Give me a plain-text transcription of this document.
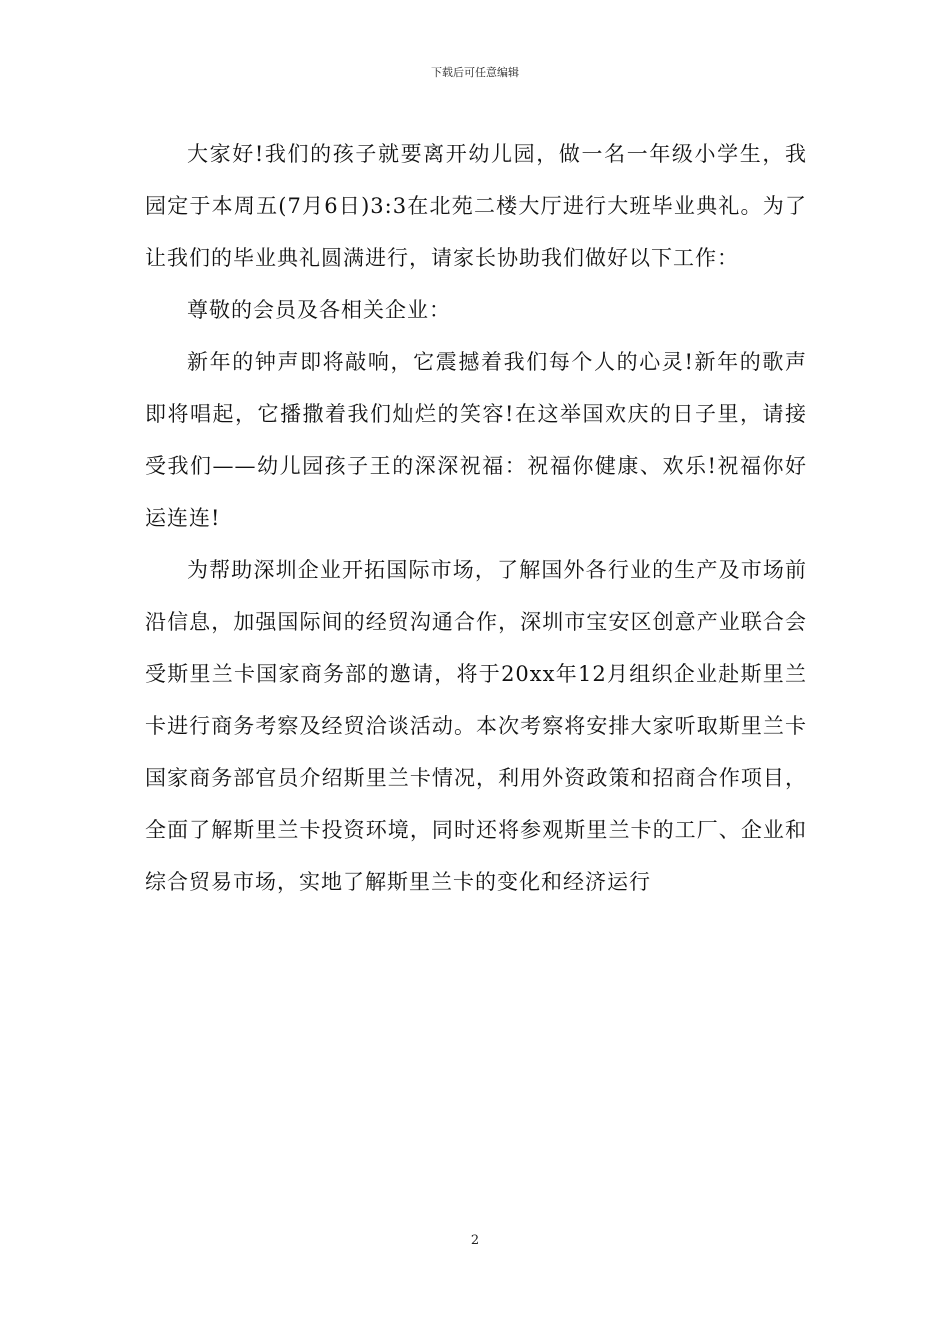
下载后可任意编辑

大家好!我们的孩子就要离开幼儿园，做一名一年级小学生，我园定于本周五(7月6日)3:3在北苑二楼大厅进行大班毕业典礼。为了让我们的毕业典礼圆满进行，请家长协助我们做好以下工作：

尊敬的会员及各相关企业：

新年的钟声即将敲响，它震撼着我们每个人的心灵!新年的歌声即将唱起，它播撒着我们灿烂的笑容!在这举国欢庆的日子里，请接受我们——幼儿园孩子王的深深祝福：祝福你健康、欢乐!祝福你好运连连!

为帮助深圳企业开拓国际市场，了解国外各行业的生产及市场前沿信息，加强国际间的经贸沟通合作，深圳市宝安区创意产业联合会受斯里兰卡国家商务部的邀请，将于20xx年12月组织企业赴斯里兰卡进行商务考察及经贸洽谈活动。本次考察将安排大家听取斯里兰卡国家商务部官员介绍斯里兰卡情况，利用外资政策和招商合作项目，全面了解斯里兰卡投资环境，同时还将参观斯里兰卡的工厂、企业和综合贸易市场，实地了解斯里兰卡的变化和经济运行

2
